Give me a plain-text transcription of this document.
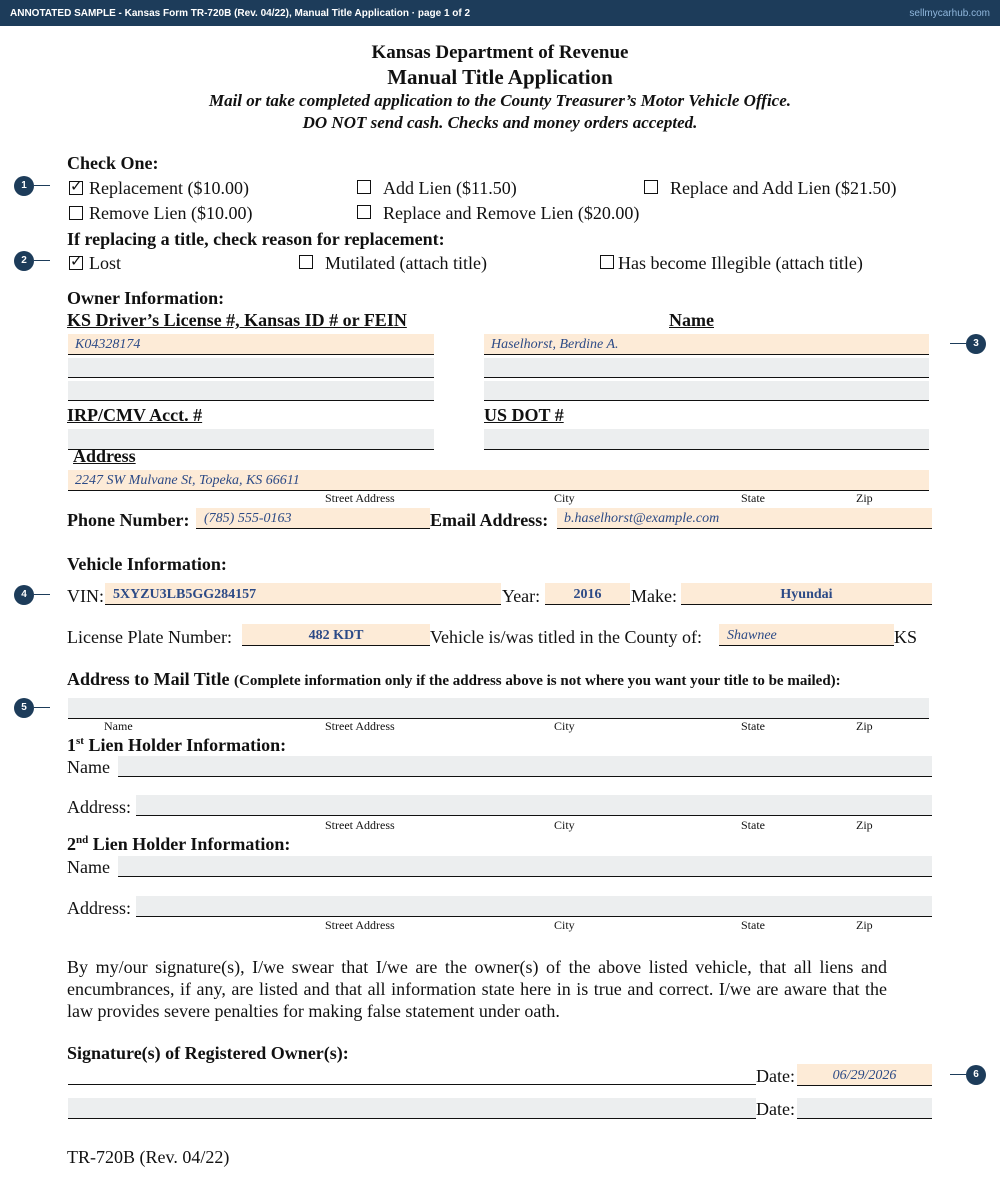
ANNOTATED SAMPLE - Kansas Form TR-720B (Rev. 04/22), Manual Title Application · page 1 of 2	sellmycarhub.com
Kansas Department of Revenue
Manual Title Application
Mail or take completed application to the County Treasurer’s Motor Vehicle Office.
DO NOT send cash. Checks and money orders accepted.
Check One:
✓ Replacement ($10.00)	Add Lien ($11.50)	Replace and Add Lien ($21.50)
Remove Lien ($10.00)	Replace and Remove Lien ($20.00)
If replacing a title, check reason for replacement:
✓ Lost	Mutilated (attach title)	Has become Illegible (attach title)
Owner Information:
KS Driver’s License #, Kansas ID # or FEIN	Name
K04328174	Haselhorst, Berdine A.
IRP/CMV Acct. #	US DOT #
Address
2247 SW Mulvane St, Topeka, KS 66611
Street Address	City	State	Zip
Phone Number: (785) 555-0163	Email Address: b.haselhorst@example.com
Vehicle Information:
VIN: 5XYZU3LB5GG284157	Year:	2016	Make:	Hyundai
License Plate Number:	482 KDT	Vehicle is/was titled in the County of: Shawnee	KS
Address to Mail Title (Complete information only if the address above is not where you want your title to be mailed):
Name	Street Address	City	State	Zip
1st Lien Holder Information:
Name
Address:
Street Address	City	State	Zip
2nd Lien Holder Information:
Name
Address:
Street Address	City	State	Zip
By my/our signature(s), I/we swear that I/we are the owner(s) of the above listed vehicle, that all liens and encumbrances, if any, are listed and that all information state here in is true and correct. I/we are aware that the law provides severe penalties for making false statement under oath.
Signature(s) of Registered Owner(s):
Date:	06/29/2026
Date:
TR-720B (Rev. 04/22)
1
2
3
4
5
6
